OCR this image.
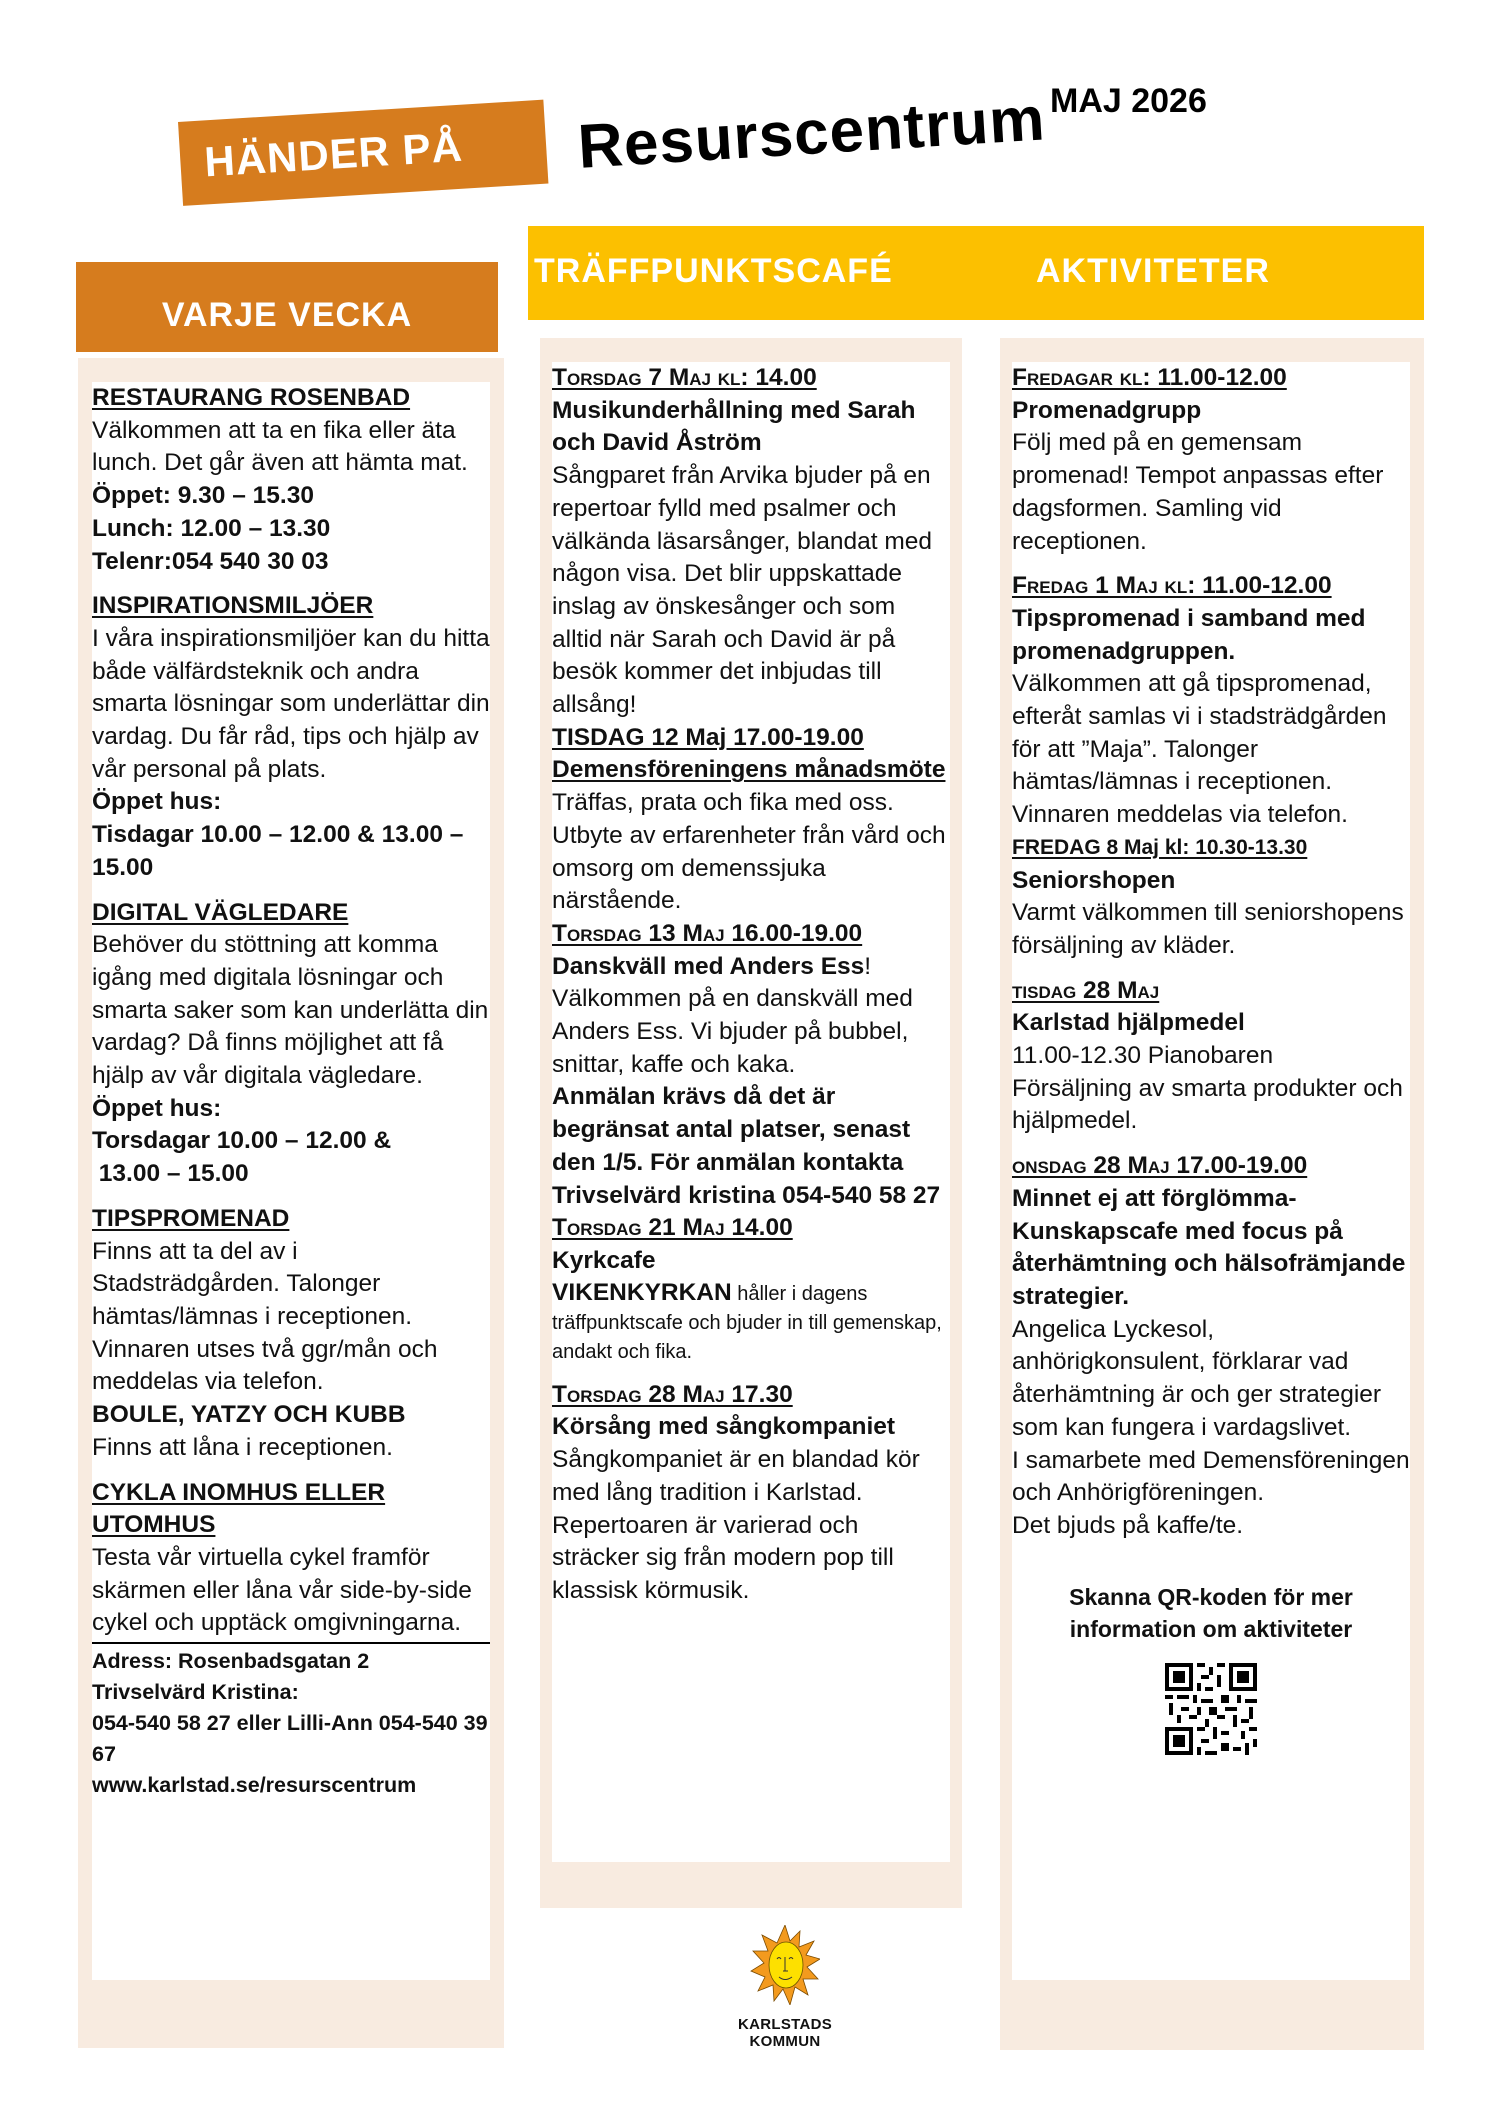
HÄNDER PÅ	Resurscentrum MAJ 2026
VARJE VECKA
TRÄFFPUNKTSCAFÉ	AKTIVITETER

RESTAURANG ROSENBAD

Välkommen att ta en fika eller äta lunch. Det går även att hämta mat.

Öppet: 9.30 – 15.30

Lunch: 12.00 – 13.30

Telenr:054 540 30 03

INSPIRATIONSMILJÖER

I våra inspirationsmiljöer kan du hitta både välfärdsteknik och andra smarta lösningar som underlättar din vardag. Du får råd, tips och hjälp av vår personal på plats.

Öppet hus:

Tisdagar 10.00 – 12.00 & 13.00 – 15.00

DIGITAL VÄGLEDARE

Behöver du stöttning att komma igång med digitala lösningar och smarta saker som kan underlätta din vardag? Då finns möjlighet att få hjälp av vår digitala vägledare.

Öppet hus:

Torsdagar 10.00 – 12.00 &

13.00 – 15.00

TIPSPROMENAD

Finns att ta del av i Stadsträdgården. Talonger hämtas/lämnas i receptionen. Vinnaren utses två ggr/mån och meddelas via telefon.

BOULE, YATZY OCH KUBB

Finns att låna i receptionen.

CYKLA INOMHUS ELLER UTOMHUS

Testa vår virtuella cykel framför skärmen eller låna vår side-by-side cykel och upptäck omgivningarna.

Adress: Rosenbadsgatan 2

Trivselvärd Kristina:

054-540 58 27 eller Lilli-Ann 054-540 39 67

www.karlstad.se/resurscentrum

Torsdag 7 Maj kl: 14.00

Musikunderhållning med Sarah och David Åström

Sångparet från Arvika bjuder på en repertoar fylld med psalmer och välkända läsarsånger, blandat med någon visa. Det blir uppskattade inslag av önskesånger och som alltid när Sarah och David är på besök kommer det inbjudas till allsång!

TISDAG 12 Maj 17.00-19.00

Demensföreningens månadsmöte

Träffas, prata och fika med oss.

Utbyte av erfarenheter från vård och omsorg om demenssjuka närstående.

Torsdag 13 Maj 16.00-19.00

Danskväll med Anders Ess!

Välkommen på en danskväll med Anders Ess. Vi bjuder på bubbel, snittar, kaffe och kaka.

Anmälan krävs då det är begränsat antal platser, senast den 1/5. För anmälan kontakta Trivselvärd kristina 054-540 58 27

Torsdag 21 Maj 14.00

Kyrkcafe

VIKENKYRKAN håller i dagens träffpunktscafe och bjuder in till gemenskap, andakt och fika.

Torsdag 28 Maj 17.30

Körsång med sångkompaniet

Sångkompaniet är en blandad kör med lång tradition i Karlstad. Repertoaren är varierad och sträcker sig från modern pop till klassisk körmusik.

Fredagar kl: 11.00-12.00

Promenadgrupp

Följ med på en gemensam promenad! Tempot anpassas efter dagsformen. Samling vid receptionen.

Fredag 1 Maj kl: 11.00-12.00

Tipspromenad i samband med promenadgruppen.

Välkommen att gå tipspromenad, efteråt samlas vi i stadsträdgården för att ”Maja”. Talonger hämtas/lämnas i receptionen. Vinnaren meddelas via telefon.

FREDAG 8 Maj kl: 10.30-13.30

Seniorshopen

Varmt välkommen till seniorshopens försäljning av kläder.

tisdag 28 Maj

Karlstad hjälpmedel

11.00-12.30 Pianobaren

Försäljning av smarta produkter och hjälpmedel.

onsdag 28 Maj 17.00-19.00

Minnet ej att förglömma- Kunskapscafe med focus på återhämtning och hälsofrämjande strategier.

Angelica Lyckesol, anhörigkonsulent, förklarar vad återhämtning är och ger strategier som kan fungera i vardagslivet.

I samarbete med Demensföreningen och Anhörigföreningen.

Det bjuds på kaffe/te.

Skanna QR-koden för mer information om aktiviteter

KARLSTADS KOMMUN
